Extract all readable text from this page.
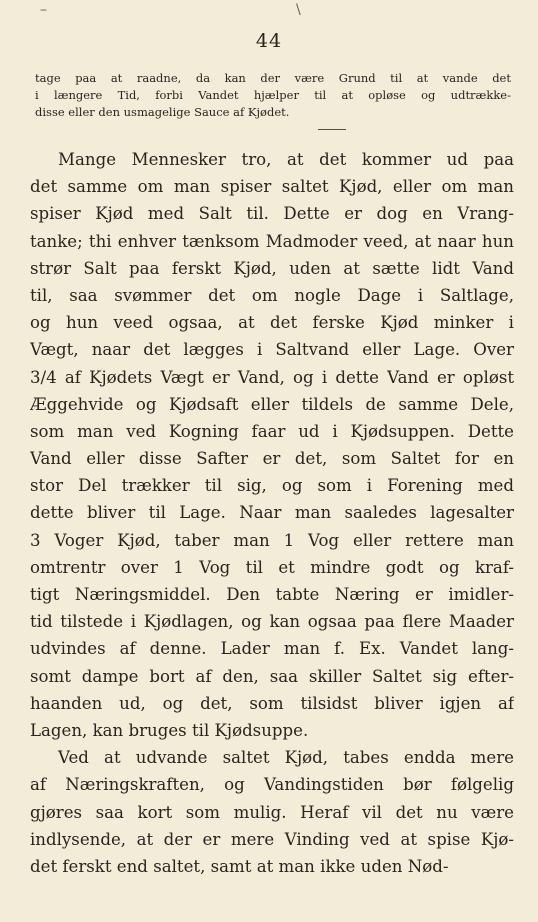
–	\
44
tage paa at raadne, da kan der være Grund til at vande det
i længere Tid, forbi Vandet hjælper til at opløse og udtrække-
disse eller den usmagelige Sauce af Kjødet.
Mange Mennesker tro, at det kommer ud paa
det samme om man spiser saltet Kjød, eller om man
spiser Kjød med Salt til. Dette er dog en Vrang-
tanke; thi enhver tænksom Madmoder veed, at naar hun
strør Salt paa ferskt Kjød, uden at sætte lidt Vand
til, saa svømmer det om nogle Dage i Saltlage,
og hun veed ogsaa, at det ferske Kjød minker i
Vægt, naar det lægges i Saltvand eller Lage. Over
3/4 af Kjødets Vægt er Vand, og i dette Vand er opløst
Æggehvide og Kjødsaft eller tildels de samme Dele,
som man ved Kogning faar ud i Kjødsuppen. Dette
Vand eller disse Safter er det, som Saltet for en
stor Del trækker til sig, og som i Forening med
dette bliver til Lage. Naar man saaledes lagesalter
3 Voger Kjød, taber man 1 Vog eller rettere man
omtrentr over 1 Vog til et mindre godt og kraf-
tigt Næringsmiddel. Den tabte Næring er imidler-
tid tilstede i Kjødlagen, og kan ogsaa paa flere Maader
udvindes af denne. Lader man f. Ex. Vandet lang-
somt dampe bort af den, saa skiller Saltet sig efter-
haanden ud, og det, som tilsidst bliver igjen af
Lagen, kan bruges til Kjødsuppe.
Ved at udvande saltet Kjød, tabes endda mere
af Næringskraften, og Vandingstiden bør følgelig
gjøres saa kort som mulig. Heraf vil det nu være
indlysende, at der er mere Vinding ved at spise Kjø-
det ferskt end saltet, samt at man ikke uden Nød-
